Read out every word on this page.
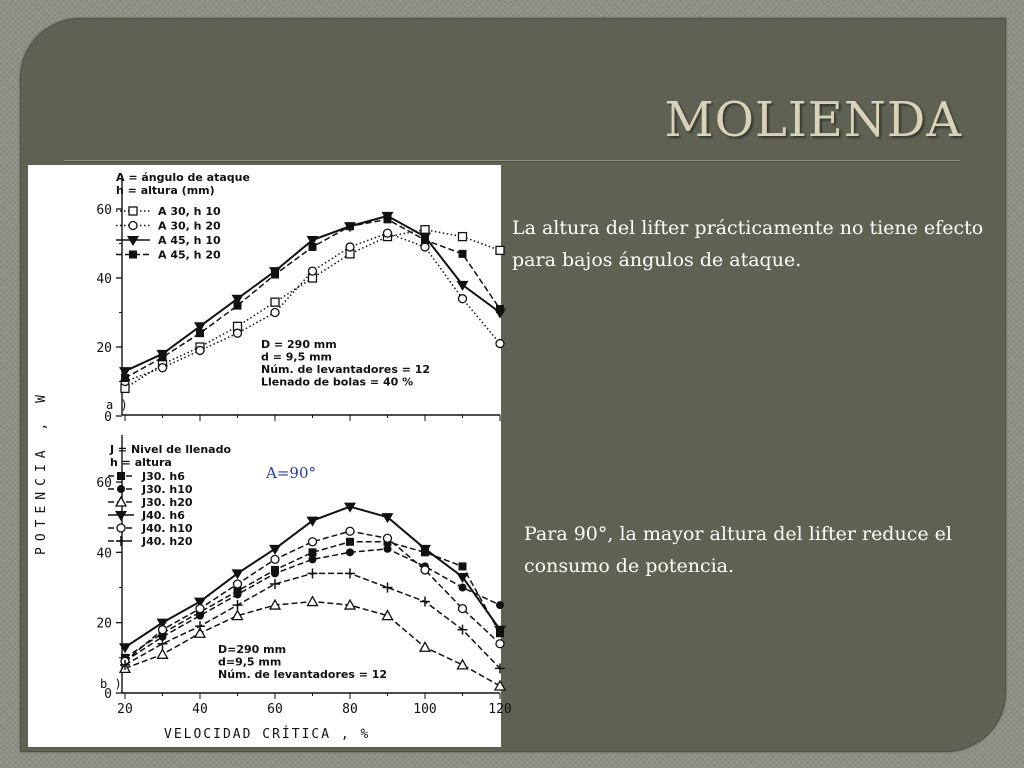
MOLIENDA
0
20
40
60
A = ángulo de ataque
h = altura (mm)
A 30, h 10
A 30, h 20
A 45, h 10
A 45, h 20
D = 290 mm
d = 9,5 mm
Núm. de levantadores = 12
Llenado de bolas = 40 %
a )
0
20
40
60
20	40	60	80	100	120
J = Nivel de llenado
h = altura
J30. h6
J30. h10
J30. h20
J40. h6
J40. h10
J40. h20
D=290 mm
d=9,5 mm
Núm. de levantadores = 12
b )
A=90°
POTENCIA , W
VELOCIDAD CRÍTICA , %

La altura del lifter prácticamente no tiene efecto para bajos ángulos de ataque.

Para 90°, la mayor altura del lifter reduce el consumo de potencia.
